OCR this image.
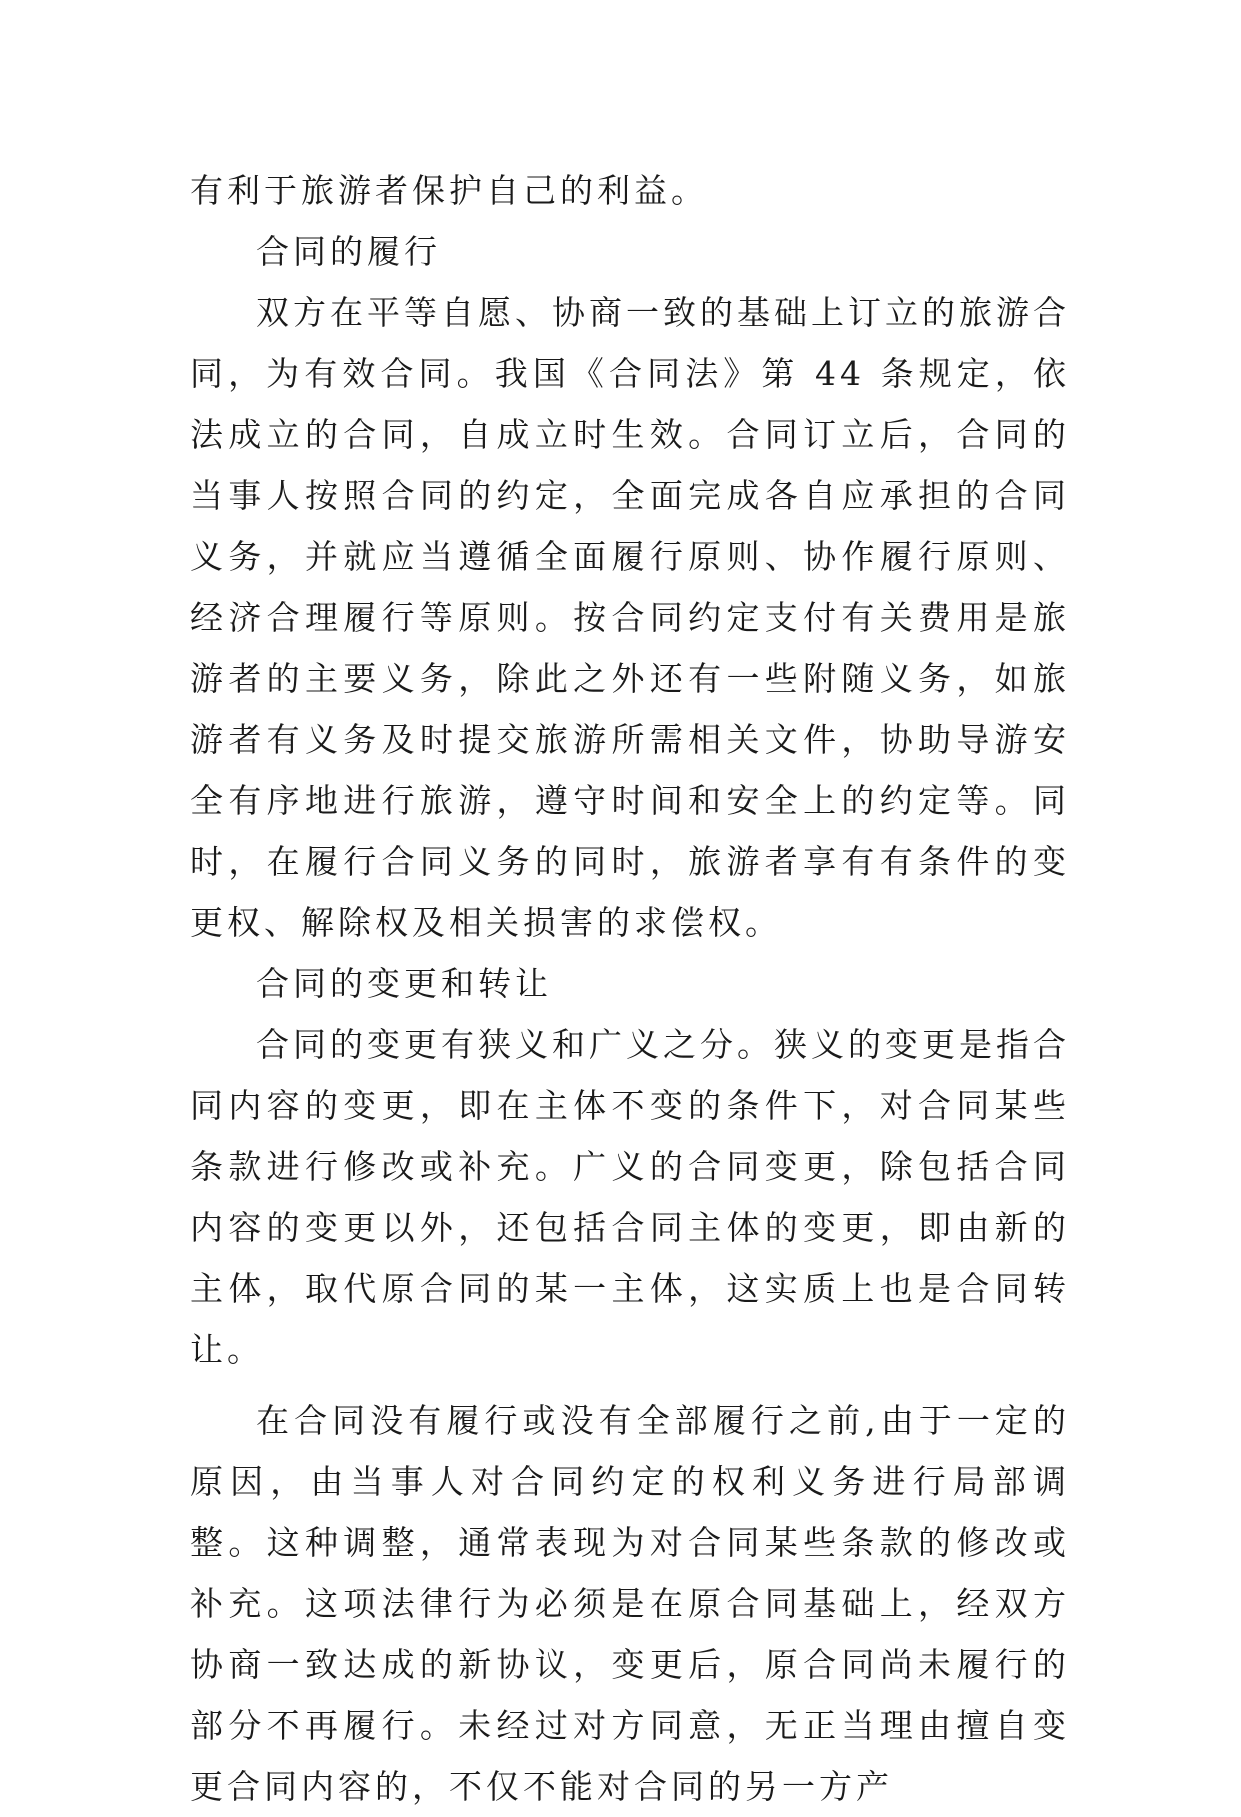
有利于旅游者保护自己的利益。

合同的履行

双方在平等自愿、协商一致的基础上订立的旅游合同，为有效合同。我国《合同法》第 44 条规定，依法成立的合同，自成立时生效。合同订立后，合同的当事人按照合同的约定，全面完成各自应承担的合同义务，并就应当遵循全面履行原则、协作履行原则、经济合理履行等原则。按合同约定支付有关费用是旅游者的主要义务，除此之外还有一些附随义务，如旅游者有义务及时提交旅游所需相关文件，协助导游安全有序地进行旅游，遵守时间和安全上的约定等。同时，在履行合同义务的同时，旅游者享有有条件的变更权、解除权及相关损害的求偿权。

合同的变更和转让

合同的变更有狭义和广义之分。狭义的变更是指合同内容的变更，即在主体不变的条件下，对合同某些条款进行修改或补充。广义的合同变更，除包括合同内容的变更以外，还包括合同主体的变更，即由新的主体，取代原合同的某一主体，这实质上也是合同转让。

在合同没有履行或没有全部履行之前,由于一定的原因，由当事人对合同约定的权利义务进行局部调整。这种调整，通常表现为对合同某些条款的修改或补充。这项法律行为必须是在原合同基础上，经双方协商一致达成的新协议，变更后，原合同尚未履行的部分不再履行。未经过对方同意，无正当理由擅自变更合同内容的，不仅不能对合同的另一方产
